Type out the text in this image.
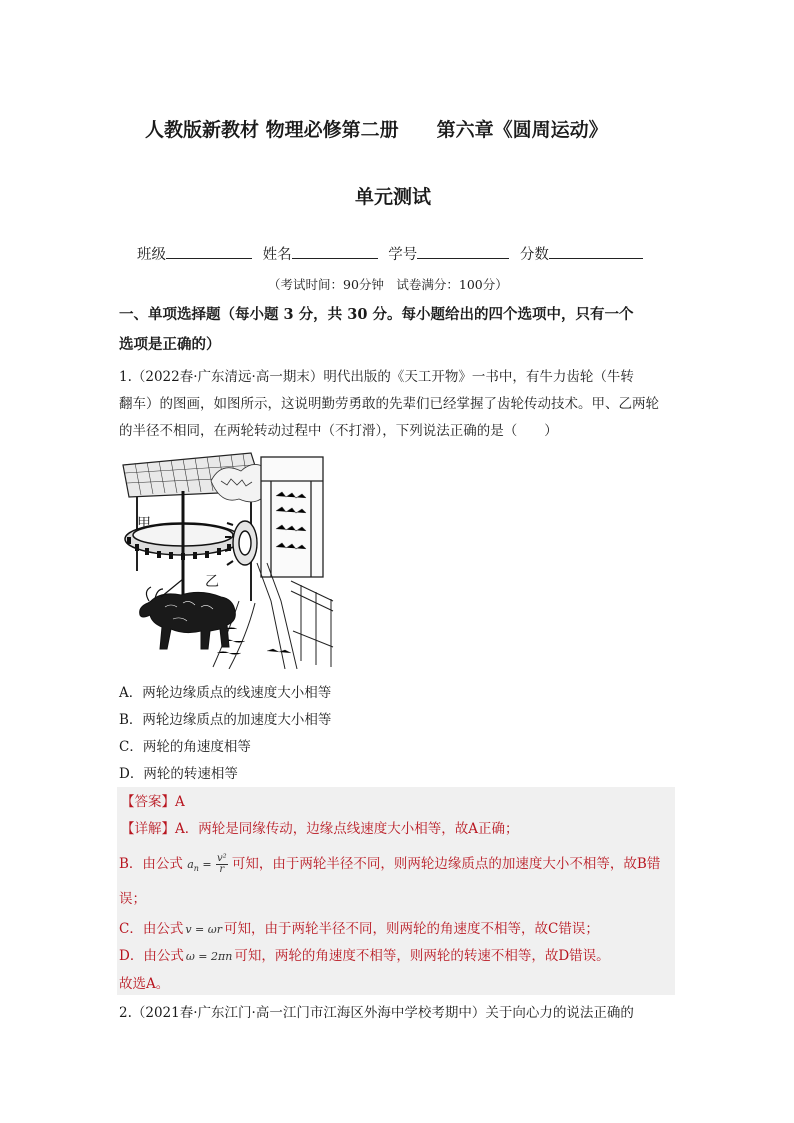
人教版新教材 物理必修第二册　　第六章《圆周运动》
单元测试
班级	姓名	学号	分数
（考试时间：90分钟　试卷满分：100分）
一、单项选择题（每小题 3 分，共 30 分。每小题给出的四个选项中，只有一个
选项是正确的）
1.（2022春·广东清远·高一期末）明代出版的《天工开物》一书中，有牛力齿轮（牛转
翻车）的图画，如图所示，这说明勤劳勇敢的先辈们已经掌握了齿轮传动技术。甲、乙两轮
的半径不相同，在两轮转动过程中（不打滑），下列说法正确的是（　　）
甲
乙
A．两轮边缘质点的线速度大小相等
B．两轮边缘质点的加速度大小相等
C．两轮的角速度相等
D．两轮的转速相等
【答案】A
【详解】A．两轮是同缘传动，边缘点线速度大小相等，故A正确；
B．由公式 $a_n = \frac{\text{v²}}{r}$ 可知，由于两轮半径不同，则两轮边缘质点的加速度大小不相等，故B错
误；
C．由公式 v = ωr 可知，由于两轮半径不同，则两轮的角速度不相等，故C错误；
D．由公式 ω = 2πn 可知，两轮的角速度不相等，则两轮的转速不相等，故D错误。
故选A。
2.（2021春·广东江门·高一江门市江海区外海中学校考期中）关于向心力的说法正确的
